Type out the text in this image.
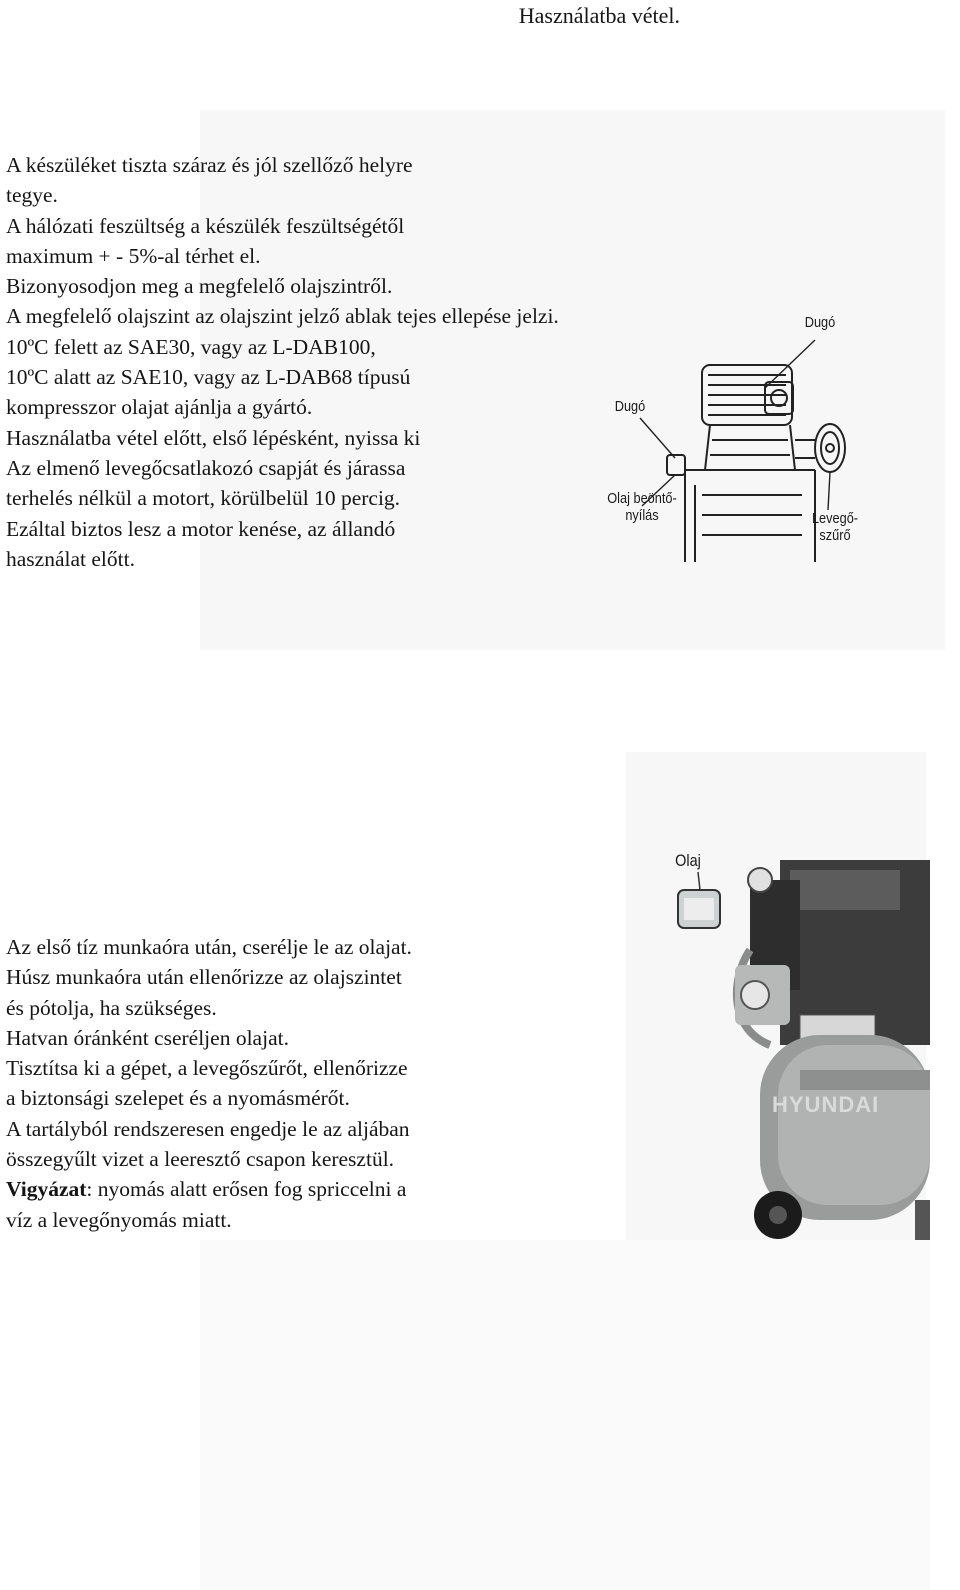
Használatba vétel.
A készüléket tiszta száraz és jól szellőző helyre
tegye.
A hálózati feszültség a készülék feszültségétől
maximum + - 5%-al térhet el.
Bizonyosodjon meg a megfelelő olajszintről.
A megfelelő olajszint az olajszint jelző ablak tejes ellepése jelzi.
10ºC felett az SAE30, vagy az L-DAB100,
10ºC alatt az SAE10, vagy az L-DAB68 típusú
kompresszor olajat ajánlja a gyártó.
Használatba vétel előtt, első lépésként, nyissa ki
Az elmenő levegőcsatlakozó csapját és járassa
terhelés nélkül a motort, körülbelül 10 percig.
Ezáltal biztos lesz a motor kenése, az állandó
használat előtt.
Dugó
Dugó
Olaj beöntő-
nyílás	Levegő-
szűrő
Olaj
HYUNDAI
Az első tíz munkaóra után, cserélje le az olajat.
Húsz munkaóra után ellenőrizze az olajszintet
és pótolja, ha szükséges.
Hatvan óránként cseréljen olajat.
Tisztítsa ki a gépet, a levegőszűrőt, ellenőrizze
a biztonsági szelepet és a nyomásmérőt.
A tartályból rendszeresen engedje le az aljában
összegyűlt vizet a leeresztő csapon keresztül.
Vigyázat: nyomás alatt erősen fog spriccelni a
víz a levegőnyomás miatt.
